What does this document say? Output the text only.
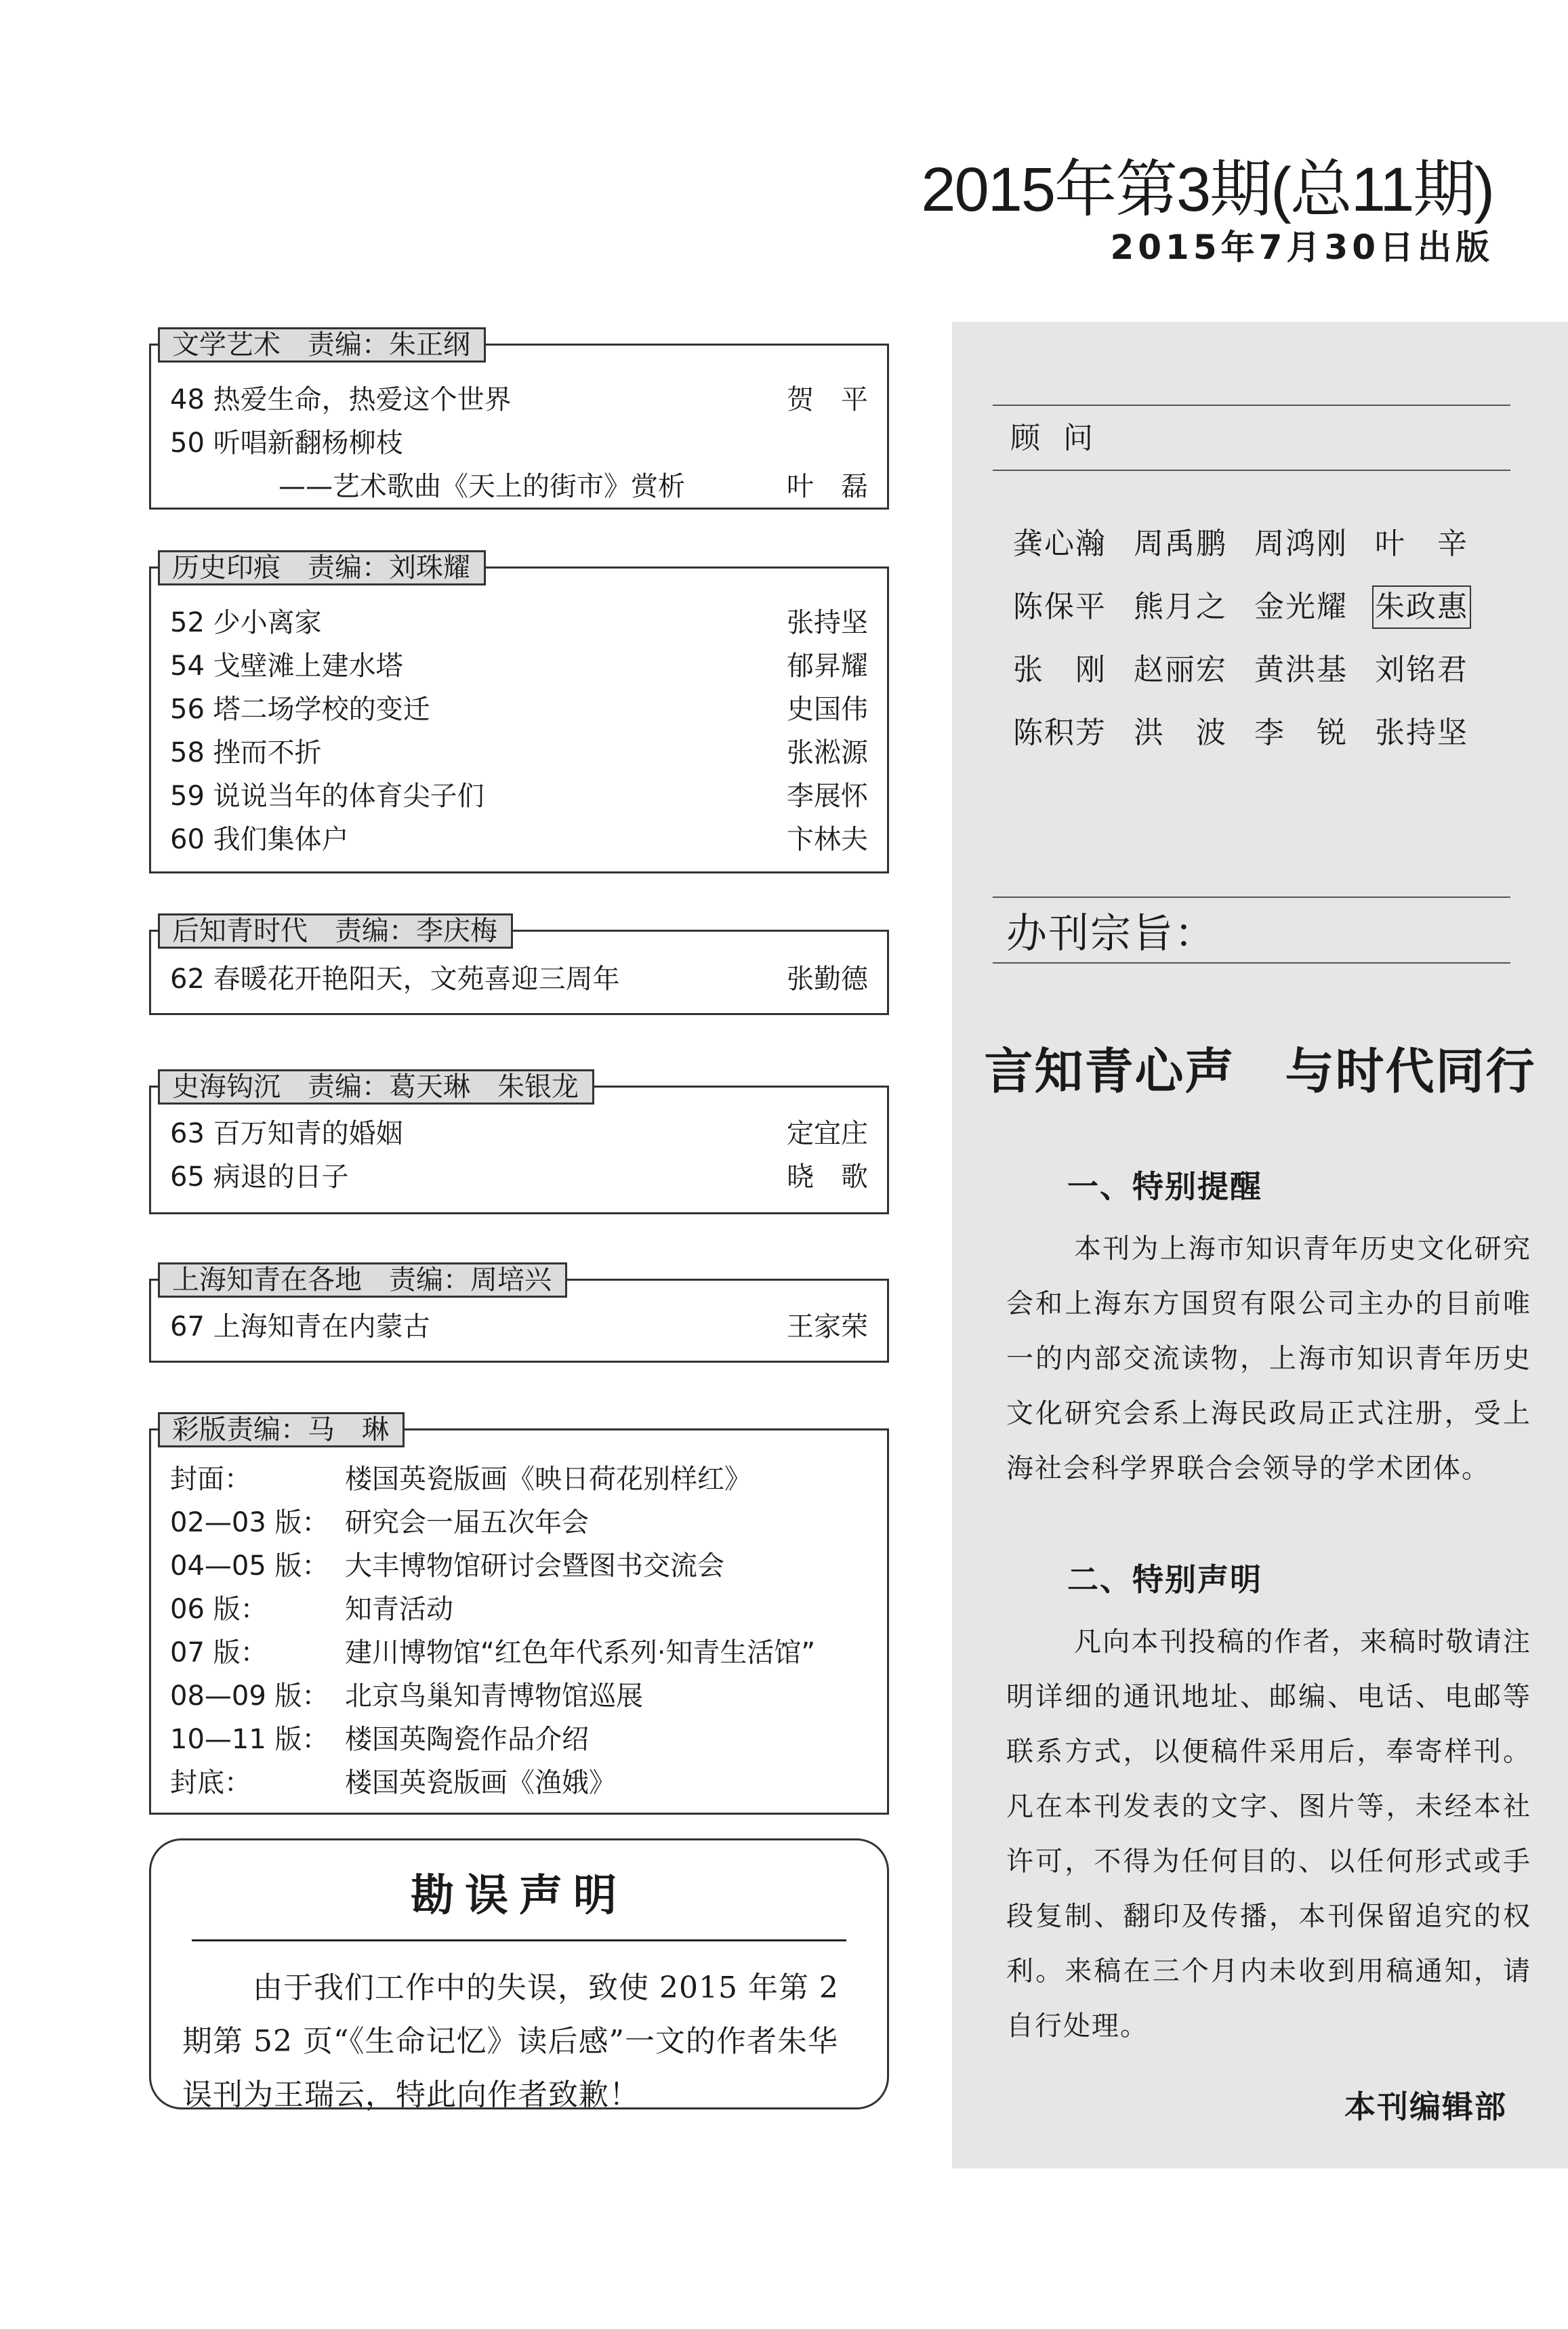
2015年第3期(总11期)
2015年7月30日出版
文学艺术　责编：朱正纲
48 热爱生命，热爱这个世界	贺　平
50 听唱新翻杨柳枝
——艺术歌曲《天上的街市》赏析	叶　磊
历史印痕　责编：刘珠耀
52 少小离家	张持坚
54 戈壁滩上建水塔	郁昇耀
56 塔二场学校的变迁	史国伟
58 挫而不折	张淞源
59 说说当年的体育尖子们	李展怀
60 我们集体户	卞林夫
后知青时代　责编：李庆梅
62 春暖花开艳阳天，文苑喜迎三周年	张勤德
史海钩沉　责编：葛天琳　朱银龙
63 百万知青的婚姻	定宜庄
65 病退的日子	晓　歌
上海知青在各地　责编：周培兴
67 上海知青在内蒙古	王家荣
彩版责编：马　琳
封面：	楼国英瓷版画《映日荷花别样红》
02—03 版： 研究会一届五次年会
04—05 版： 大丰博物馆研讨会暨图书交流会
06 版：	知青活动
07 版：	建川博物馆“红色年代系列·知青生活馆”
08—09 版： 北京鸟巢知青博物馆巡展
10—11 版： 楼国英陶瓷作品介绍
封底：	楼国英瓷版画《渔娥》
勘误声明
由于我们工作中的失误，致使 2015 年第 2 期第 52 页“《生命记忆》读后感”一文的作者朱华误刊为王瑞云，特此向作者致歉！
顾问
龚心瀚 周禹鹏 周鸿刚 叶　辛
陈保平 熊月之 金光耀 朱政惠
张　刚 赵丽宏 黄洪基 刘铭君
陈积芳 洪　波 李　锐 张持坚
办刊宗旨：
言知青心声　与时代同行
一、特别提醒
本刊为上海市知识青年历史文化研究会和上海东方国贸有限公司主办的目前唯一的内部交流读物，上海市知识青年历史文化研究会系上海民政局正式注册，受上海社会科学界联合会领导的学术团体。
二、特别声明
凡向本刊投稿的作者，来稿时敬请注明详细的通讯地址、邮编、电话、电邮等联系方式，以便稿件采用后，奉寄样刊。凡在本刊发表的文字、图片等，未经本社许可，不得为任何目的、以任何形式或手段复制、翻印及传播，本刊保留追究的权利。来稿在三个月内未收到用稿通知，请自行处理。
本刊编辑部
